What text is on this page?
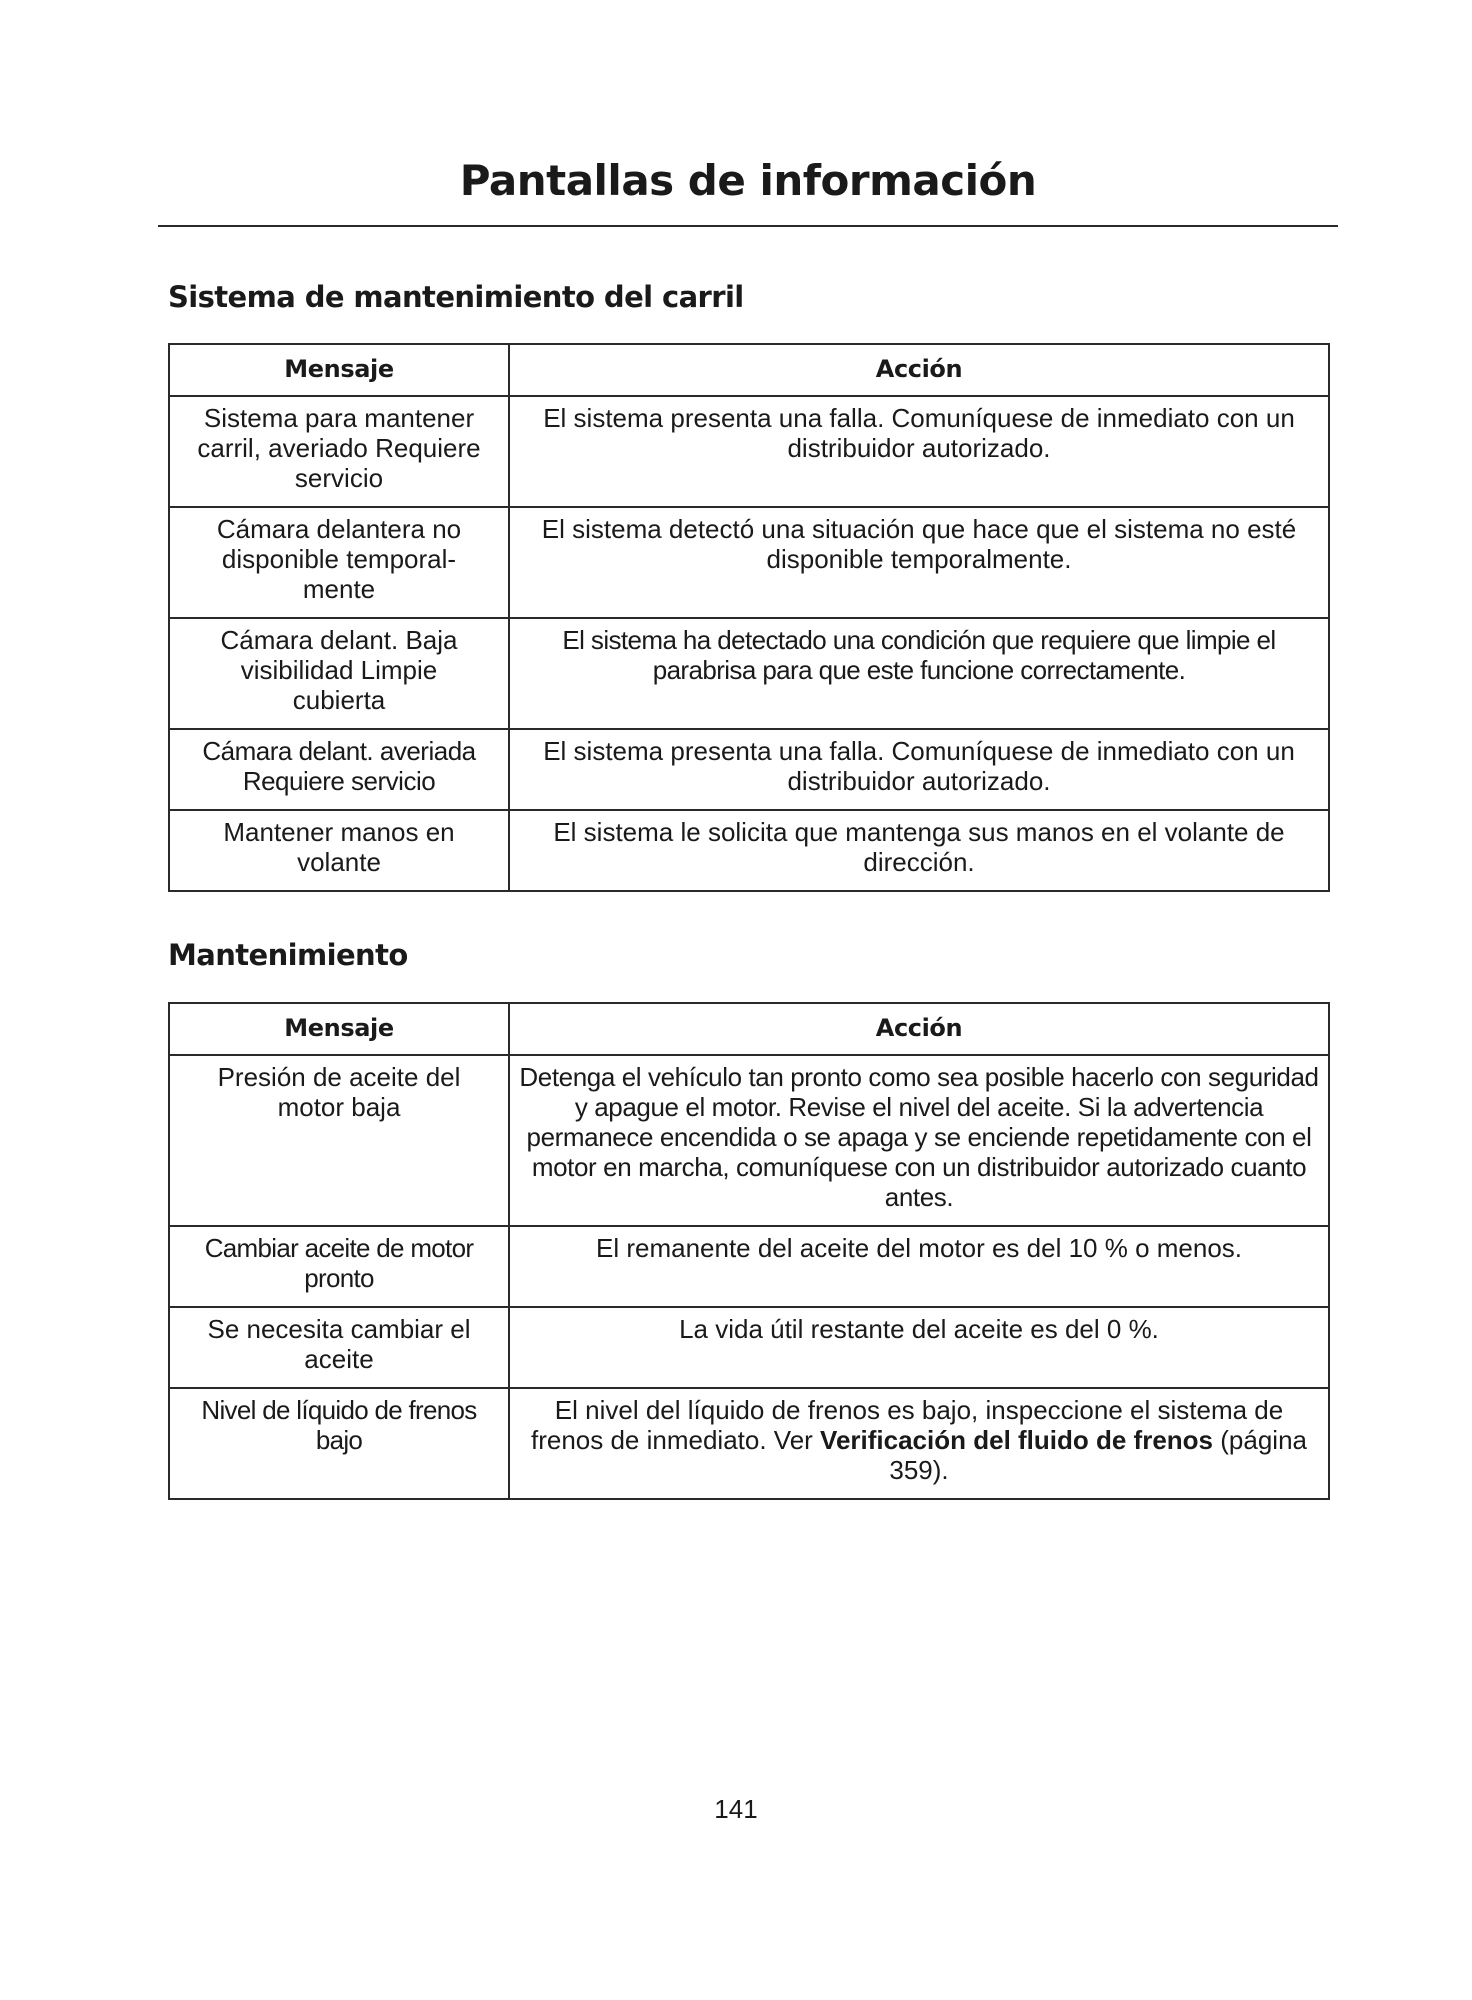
Pantallas de información
Sistema de mantenimiento del carril
Mensaje	Acción
Sistema para mantener carril, averiado Requiere servicio	El sistema presenta una falla. Comuníquese de inmediato con un distribuidor autorizado.
Cámara delantera no disponible temporal-mente	El sistema detectó una situación que hace que el sistema no esté disponible temporalmente.
Cámara delant. Baja visibilidad Limpie cubierta	El sistema ha detectado una condición que requiere que limpie el parabrisa para que este funcione correctamente.
Cámara delant. averiada Requiere servicio	El sistema presenta una falla. Comuníquese de inmediato con un distribuidor autorizado.
Mantener manos en volante	El sistema le solicita que mantenga sus manos en el volante de dirección.
Mantenimiento
Mensaje	Acción
Presión de aceite del motor baja	Detenga el vehículo tan pronto como sea posible hacerlo con seguridad y apague el motor. Revise el nivel del aceite. Si la advertencia permanece encendida o se apaga y se enciende repetidamente con el motor en marcha, comuníquese con un distribuidor autorizado cuanto antes.
Cambiar aceite de motor pronto	El remanente del aceite del motor es del 10 % o menos.
Se necesita cambiar el aceite	La vida útil restante del aceite es del 0 %.
Nivel de líquido de frenos bajo	El nivel del líquido de frenos es bajo, inspeccione el sistema de frenos de inmediato. Ver Verificación del fluido de frenos (página 359).
141
